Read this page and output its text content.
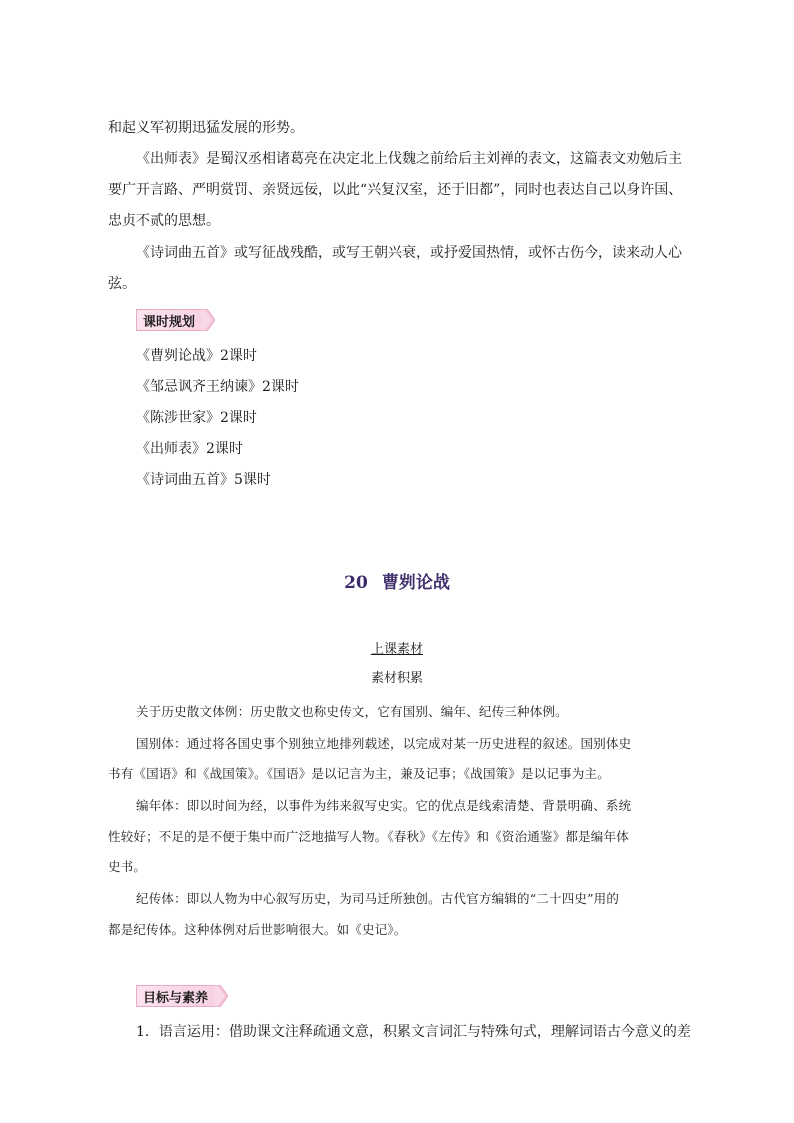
和起义军初期迅猛发展的形势。
《出师表》是蜀汉丞相诸葛亮在决定北上伐魏之前给后主刘禅的表文，这篇表文劝勉后主
要广开言路、严明赏罚、亲贤远佞，以此“兴复汉室，还于旧都”，同时也表达自己以身许国、
忠贞不贰的思想。
《诗词曲五首》或写征战残酷，或写王朝兴衰，或抒爱国热情，或怀古伤今，读来动人心
弦。
课时规划
《曹刿论战》2课时
《邹忌讽齐王纳谏》2课时
《陈涉世家》2课时
《出师表》2课时
《诗词曲五首》5课时
20 曹刿论战
上课素材
素材积累
关于历史散文体例：历史散文也称史传文，它有国别、编年、纪传三种体例。
国别体：通过将各国史事个别独立地排列载述，以完成对某一历史进程的叙述。国别体史
书有《国语》和《战国策》。《国语》是以记言为主，兼及记事；《战国策》是以记事为主。
编年体：即以时间为经，以事件为纬来叙写史实。它的优点是线索清楚、背景明确、系统
性较好；不足的是不便于集中而广泛地描写人物。《春秋》《左传》和《资治通鉴》都是编年体
史书。
纪传体：即以人物为中心叙写历史，为司马迁所独创。古代官方编辑的“二十四史”用的
都是纪传体。这种体例对后世影响很大。如《史记》。
目标与素养
1．语言运用：借助课文注释疏通文意，积累文言词汇与特殊句式，理解词语古今意义的差
